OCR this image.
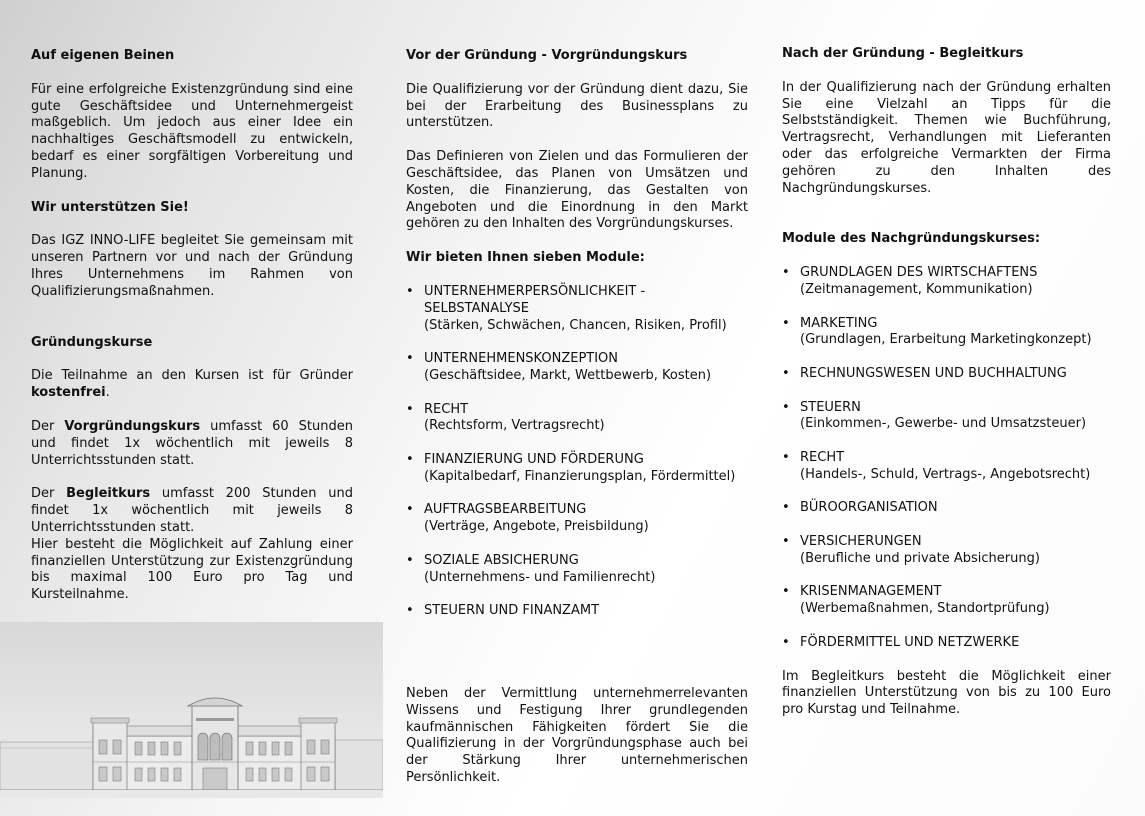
Auf eigenen Beinen

Für eine erfolgreiche Existenzgründung sind eine gute Geschäftsidee und Unternehmergeist maßgeblich. Um jedoch aus einer Idee ein nachhaltiges Geschäftsmodell zu entwickeln, bedarf es einer sorgfältigen Vorbereitung und Planung.

Wir unterstützen Sie!

Das IGZ INNO-LIFE begleitet Sie gemeinsam mit unseren Partnern vor und nach der Gründung Ihres Unternehmens im Rahmen von Qualifizierungsmaßnahmen.

Gründungskurse

Die Teilnahme an den Kursen ist für Gründer kostenfrei.

Der Vorgründungskurs umfasst 60 Stunden und findet 1x wöchentlich mit jeweils 8 Unterrichtsstunden statt.

Der Begleitkurs umfasst 200 Stunden und findet 1x wöchentlich mit jeweils 8 Unterrichtsstunden statt.

Hier besteht die Möglichkeit auf Zahlung einer finanziellen Unterstützung zur Existenzgründung bis maximal 100 Euro pro Tag und Kursteilnahme.

Vor der Gründung - Vorgründungskurs

Die Qualifizierung vor der Gründung dient dazu, Sie bei der Erarbeitung des Businessplans zu unterstützen.

Das Definieren von Zielen und das Formulieren der Geschäftsidee, das Planen von Umsätzen und Kosten, die Finanzierung, das Gestalten von Angeboten und die Einordnung in den Markt gehören zu den Inhalten des Vorgründungskurses.

Wir bieten Ihnen sieben Module:

• UNTERNEHMERPERSÖNLICHKEIT - SELBSTANALYSE
(Stärken, Schwächen, Chancen, Risiken, Profil)
• UNTERNEHMENSKONZEPTION
(Geschäftsidee, Markt, Wettbewerb, Kosten)
• RECHT
(Rechtsform, Vertragsrecht)
• FINANZIERUNG UND FÖRDERUNG
(Kapitalbedarf, Finanzierungsplan, Fördermittel)
• AUFTRAGSBEARBEITUNG
(Verträge, Angebote, Preisbildung)
• SOZIALE ABSICHERUNG
(Unternehmens- und Familienrecht)
• STEUERN UND FINANZAMT

Neben der Vermittlung unternehmerrelevanten Wissens und Festigung Ihrer grundlegenden kaufmännischen Fähigkeiten fördert Sie die Qualifizierung in der Vorgründungsphase auch bei der Stärkung Ihrer unternehmerischen Persönlichkeit.

Nach der Gründung - Begleitkurs

In der Qualifizierung nach der Gründung erhalten Sie eine Vielzahl an Tipps für die Selbstständigkeit. Themen wie Buchführung, Vertragsrecht, Verhandlungen mit Lieferanten oder das erfolgreiche Vermarkten der Firma gehören zu den Inhalten des Nachgründungskurses.

Module des Nachgründungskurses:

• GRUNDLAGEN DES WIRTSCHAFTENS
(Zeitmanagement, Kommunikation)
• MARKETING
(Grundlagen, Erarbeitung Marketingkonzept)
• RECHNUNGSWESEN UND BUCHHALTUNG
• STEUERN
(Einkommen-, Gewerbe- und Umsatzsteuer)
• RECHT
(Handels-, Schuld, Vertrags-, Angebotsrecht)
• BÜROORGANISATION
• VERSICHERUNGEN
(Berufliche und private Absicherung)
• KRISENMANAGEMENT
(Werbemaßnahmen, Standortprüfung)
• FÖRDERMITTEL UND NETZWERKE

Im Begleitkurs besteht die Möglichkeit einer finanziellen Unterstützung von bis zu 100 Euro pro Kurstag und Teilnahme.
